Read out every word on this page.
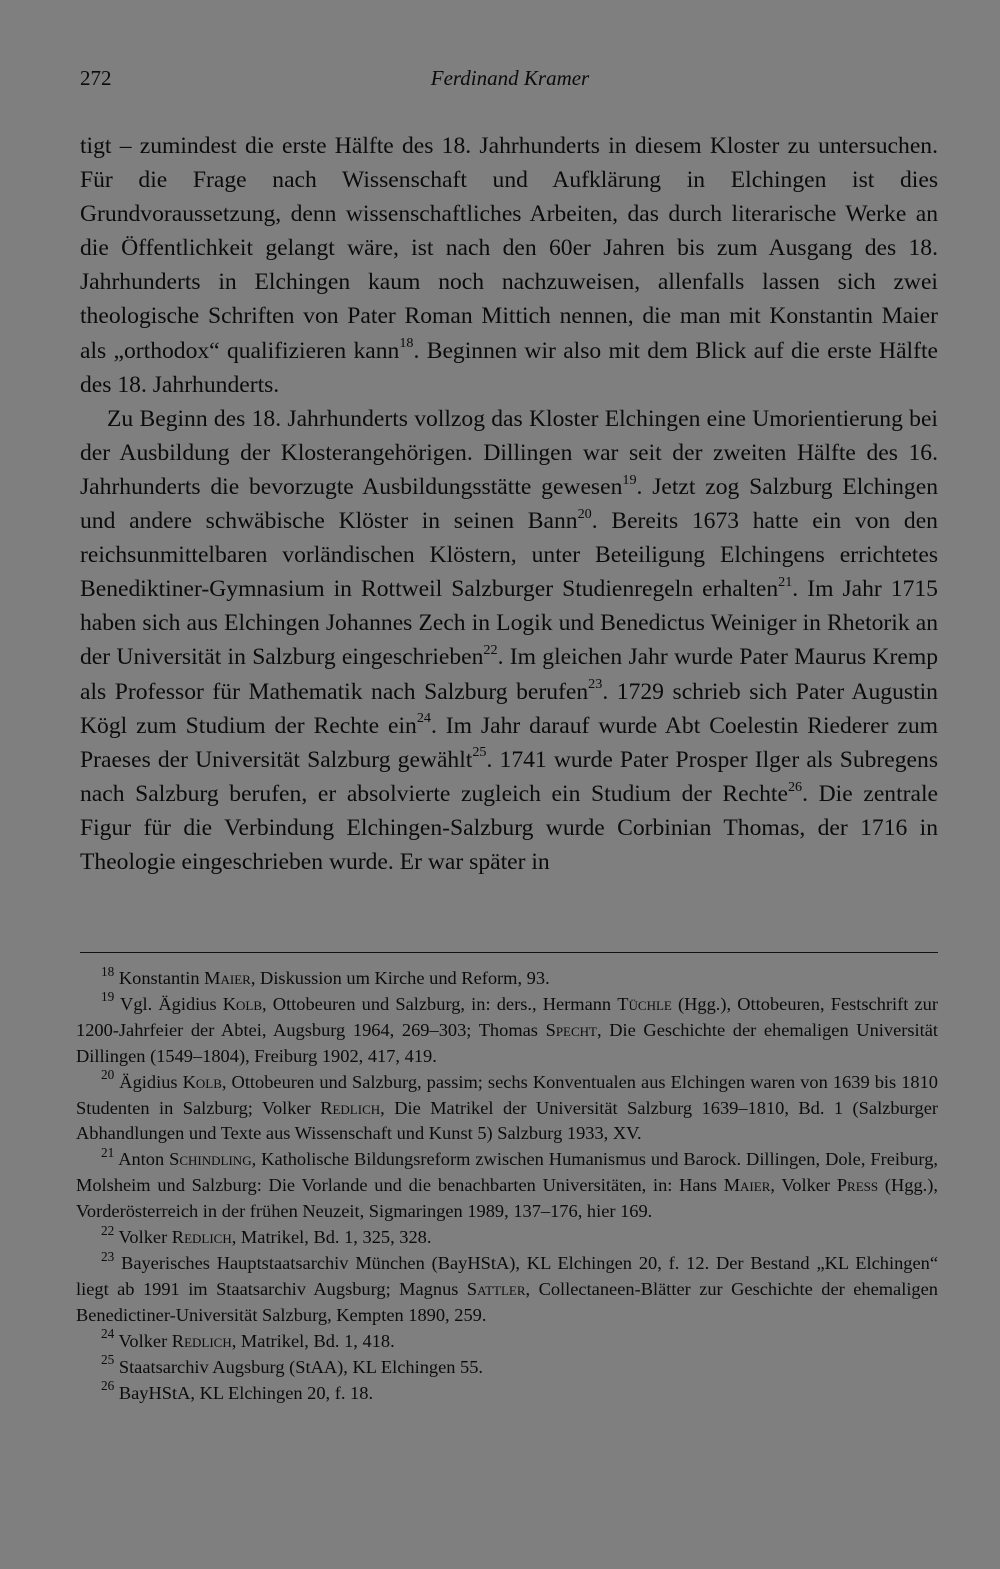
272	Ferdinand Kramer

tigt – zumindest die erste Hälfte des 18. Jahrhunderts in diesem Kloster zu untersuchen. Für die Frage nach Wissenschaft und Aufklärung in Elchingen ist dies Grundvoraussetzung, denn wissenschaftliches Arbeiten, das durch literarische Werke an die Öffentlichkeit gelangt wäre, ist nach den 60er Jahren bis zum Ausgang des 18. Jahrhunderts in Elchingen kaum noch nachzuweisen, allenfalls lassen sich zwei theologische Schriften von Pater Roman Mittich nennen, die man mit Konstantin Maier als „orthodox“ qualifizieren kann$^{18}$. Beginnen wir also mit dem Blick auf die erste Hälfte des 18. Jahrhunderts.

Zu Beginn des 18. Jahrhunderts vollzog das Kloster Elchingen eine Umorientierung bei der Ausbildung der Klosterangehörigen. Dillingen war seit der zweiten Hälfte des 16. Jahrhunderts die bevorzugte Ausbildungsstätte gewesen$^{19}$. Jetzt zog Salzburg Elchingen und andere schwäbische Klöster in seinen Bann$^{20}$. Bereits 1673 hatte ein von den reichsunmittelbaren vorländischen Klöstern, unter Beteiligung Elchingens errichtetes Benediktiner-Gymnasium in Rottweil Salzburger Studienregeln erhalten$^{21}$. Im Jahr 1715 haben sich aus Elchingen Johannes Zech in Logik und Benedictus Weiniger in Rhetorik an der Universität in Salzburg eingeschrieben$^{22}$. Im gleichen Jahr wurde Pater Maurus Kremp als Professor für Mathematik nach Salzburg berufen$^{23}$. 1729 schrieb sich Pater Augustin Kögl zum Studium der Rechte ein$^{24}$. Im Jahr darauf wurde Abt Coelestin Riederer zum Praeses der Universität Salzburg gewählt$^{25}$. 1741 wurde Pater Prosper Ilger als Subregens nach Salzburg berufen, er absolvierte zugleich ein Studium der Rechte$^{26}$. Die zentrale Figur für die Verbindung Elchingen-Salzburg wurde Corbinian Thomas, der 1716 in Theologie eingeschrieben wurde. Er war später in

$^{18}$ Konstantin Maier, Diskussion um Kirche und Reform, 93.

$^{19}$ Vgl. Ägidius Kolb, Ottobeuren und Salzburg, in: ders., Hermann Tüchle (Hgg.), Ottobeuren, Festschrift zur 1200-Jahrfeier der Abtei, Augsburg 1964, 269–303; Thomas Specht, Die Geschichte der ehemaligen Universität Dillingen (1549–1804), Freiburg 1902, 417, 419.

$^{20}$ Ägidius Kolb, Ottobeuren und Salzburg, passim; sechs Konventualen aus Elchingen waren von 1639 bis 1810 Studenten in Salzburg; Volker Redlich, Die Matrikel der Universität Salzburg 1639–1810, Bd. 1 (Salzburger Abhandlungen und Texte aus Wissenschaft und Kunst 5) Salzburg 1933, XV.

$^{21}$ Anton Schindling, Katholische Bildungsreform zwischen Humanismus und Barock. Dillingen, Dole, Freiburg, Molsheim und Salzburg: Die Vorlande und die benachbarten Universitäten, in: Hans Maier, Volker Press (Hgg.), Vorderösterreich in der frühen Neuzeit, Sigmaringen 1989, 137–176, hier 169.

$^{22}$ Volker Redlich, Matrikel, Bd. 1, 325, 328.

$^{23}$ Bayerisches Hauptstaatsarchiv München (BayHStA), KL Elchingen 20, f. 12. Der Bestand „KL Elchingen“ liegt ab 1991 im Staatsarchiv Augsburg; Magnus Sattler, Collectaneen-Blätter zur Geschichte der ehemaligen Benedictiner-Universität Salzburg, Kempten 1890, 259.

$^{24}$ Volker Redlich, Matrikel, Bd. 1, 418.

$^{25}$ Staatsarchiv Augsburg (StAA), KL Elchingen 55.

$^{26}$ BayHStA, KL Elchingen 20, f. 18.
